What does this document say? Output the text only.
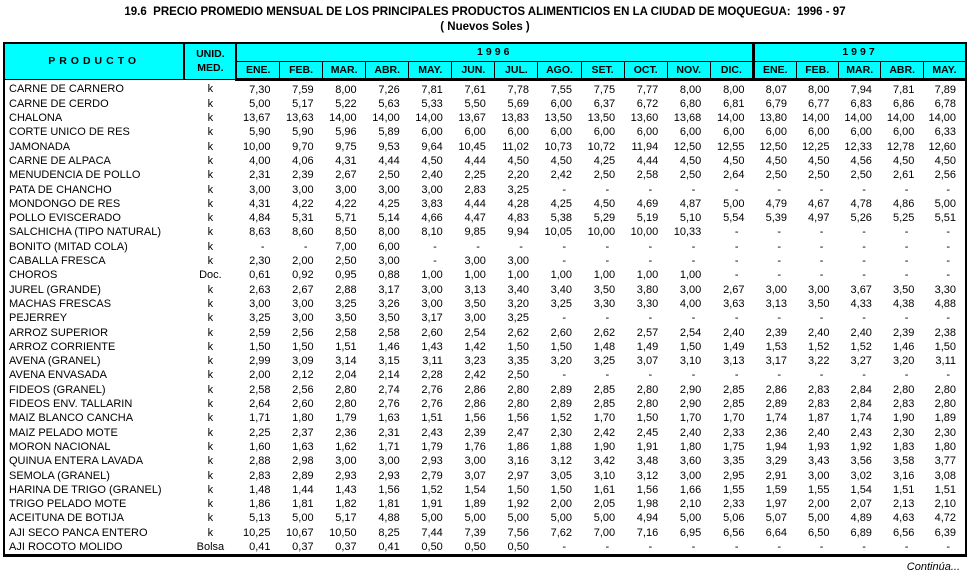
19.6  PRECIO PROMEDIO MENSUAL DE LOS PRINCIPALES PRODUCTOS ALIMENTICIOS EN LA CIUDAD DE MOQUEGUA:  1996 - 97
( Nuevos Soles )
PRODUCTO	UNID.
MED.	1996												1997				
		ENE.	FEB.	MAR.	ABR.	MAY.	JUN.	JUL.	AGO.	SET.	OCT.	NOV.	DIC.	ENE.	FEB.	MAR.	ABR.	MAY.
CARNE DE CARNERO	k	7,30	7,59	8,00	7,26	7,81	7,61	7,78	7,55	7,75	7,77	8,00	8,00	8,07	8,00	7,94	7,81	7,89
CARNE DE CERDO	k	5,00	5,17	5,22	5,63	5,33	5,50	5,69	6,00	6,37	6,72	6,80	6,81	6,79	6,77	6,83	6,86	6,78
CHALONA	k	13,67	13,63	14,00	14,00	14,00	13,67	13,83	13,50	13,50	13,60	13,68	14,00	13,80	14,00	14,00	14,00	14,00
CORTE UNICO DE RES	k	5,90	5,90	5,96	5,89	6,00	6,00	6,00	6,00	6,00	6,00	6,00	6,00	6,00	6,00	6,00	6,00	6,33
JAMONADA	k	10,00	9,70	9,75	9,53	9,64	10,45	11,02	10,73	10,72	11,94	12,50	12,55	12,50	12,25	12,33	12,78	12,60
CARNE DE ALPACA	k	4,00	4,06	4,31	4,44	4,50	4,44	4,50	4,50	4,25	4,44	4,50	4,50	4,50	4,50	4,56	4,50	4,50
MENUDENCIA DE POLLO	k	2,31	2,39	2,67	2,50	2,40	2,25	2,20	2,42	2,50	2,58	2,50	2,64	2,50	2,50	2,50	2,61	2,56
PATA DE CHANCHO	k	3,00	3,00	3,00	3,00	3,00	2,83	3,25	-	-	-	-	-	-	-	-	-	-
MONDONGO DE RES	k	4,31	4,22	4,22	4,25	3,83	4,44	4,28	4,25	4,50	4,69	4,87	5,00	4,79	4,67	4,78	4,86	5,00
POLLO EVISCERADO	k	4,84	5,31	5,71	5,14	4,66	4,47	4,83	5,38	5,29	5,19	5,10	5,54	5,39	4,97	5,26	5,25	5,51
SALCHICHA (TIPO NATURAL)	k	8,63	8,60	8,50	8,00	8,10	9,85	9,94	10,05	10,00	10,00	10,33	-	-	-	-	-	-
BONITO (MITAD COLA)	k	-	-	7,00	6,00	-	-	-	-	-	-	-	-	-	-	-	-	-
CABALLA FRESCA	k	2,30	2,00	2,50	3,00	-	3,00	3,00	-	-	-	-	-	-	-	-	-	-
CHOROS	Doc.	0,61	0,92	0,95	0,88	1,00	1,00	1,00	1,00	1,00	1,00	1,00	-	-	-	-	-	-
JUREL (GRANDE)	k	2,63	2,67	2,88	3,17	3,00	3,13	3,40	3,40	3,50	3,80	3,00	2,67	3,00	3,00	3,67	3,50	3,30
MACHAS FRESCAS	k	3,00	3,00	3,25	3,26	3,00	3,50	3,20	3,25	3,30	3,30	4,00	3,63	3,13	3,50	4,33	4,38	4,88
PEJERREY	k	3,25	3,00	3,50	3,50	3,17	3,00	3,25	-	-	-	-	-	-	-	-	-	-
ARROZ SUPERIOR	k	2,59	2,56	2,58	2,58	2,60	2,54	2,62	2,60	2,62	2,57	2,54	2,40	2,39	2,40	2,40	2,39	2,38
ARROZ CORRIENTE	k	1,50	1,50	1,51	1,46	1,43	1,42	1,50	1,50	1,48	1,49	1,50	1,49	1,53	1,52	1,52	1,46	1,50
AVENA (GRANEL)	k	2,99	3,09	3,14	3,15	3,11	3,23	3,35	3,20	3,25	3,07	3,10	3,13	3,17	3,22	3,27	3,20	3,11
AVENA ENVASADA	k	2,00	2,12	2,04	2,14	2,28	2,42	2,50	-	-	-	-	-	-	-	-	-	-
FIDEOS (GRANEL)	k	2,58	2,56	2,80	2,74	2,76	2,86	2,80	2,89	2,85	2,80	2,90	2,85	2,86	2,83	2,84	2,80	2,80
FIDEOS ENV. TALLARIN	k	2,64	2,60	2,80	2,76	2,76	2,86	2,80	2,89	2,85	2,80	2,90	2,85	2,89	2,83	2,84	2,83	2,80
MAIZ BLANCO CANCHA	k	1,71	1,80	1,79	1,63	1,51	1,56	1,56	1,52	1,70	1,50	1,70	1,70	1,74	1,87	1,74	1,90	1,89
MAIZ PELADO MOTE	k	2,25	2,37	2,36	2,31	2,43	2,39	2,47	2,30	2,42	2,45	2,40	2,33	2,36	2,40	2,43	2,30	2,30
MORON NACIONAL	k	1,60	1,63	1,62	1,71	1,79	1,76	1,86	1,88	1,90	1,91	1,80	1,75	1,94	1,93	1,92	1,83	1,80
QUINUA ENTERA LAVADA	k	2,88	2,98	3,00	3,00	2,93	3,00	3,16	3,12	3,42	3,48	3,60	3,35	3,29	3,43	3,56	3,58	3,77
SEMOLA (GRANEL)	k	2,83	2,89	2,93	2,93	2,79	3,07	2,97	3,05	3,10	3,12	3,00	2,95	2,91	3,00	3,02	3,16	3,08
HARINA DE TRIGO (GRANEL)	k	1,48	1,44	1,43	1,56	1,52	1,54	1,50	1,50	1,61	1,56	1,66	1,55	1,59	1,55	1,54	1,51	1,51
TRIGO PELADO MOTE	k	1,86	1,81	1,82	1,81	1,91	1,89	1,92	2,00	2,05	1,98	2,10	2,33	1,97	2,00	2,07	2,13	2,10
ACEITUNA DE BOTIJA	k	5,13	5,00	5,17	4,88	5,00	5,00	5,00	5,00	5,00	4,94	5,00	5,06	5,07	5,00	4,89	4,63	4,72
AJI SECO PANCA ENTERO	k	10,25	10,67	10,50	8,25	7,44	7,39	7,56	7,62	7,00	7,16	6,95	6,56	6,64	6,50	6,89	6,56	6,39
AJI ROCOTO MOLIDO	Bolsa	0,41	0,37	0,37	0,41	0,50	0,50	0,50	-	-	-	-	-	-	-	-	-	-
Continúa...
